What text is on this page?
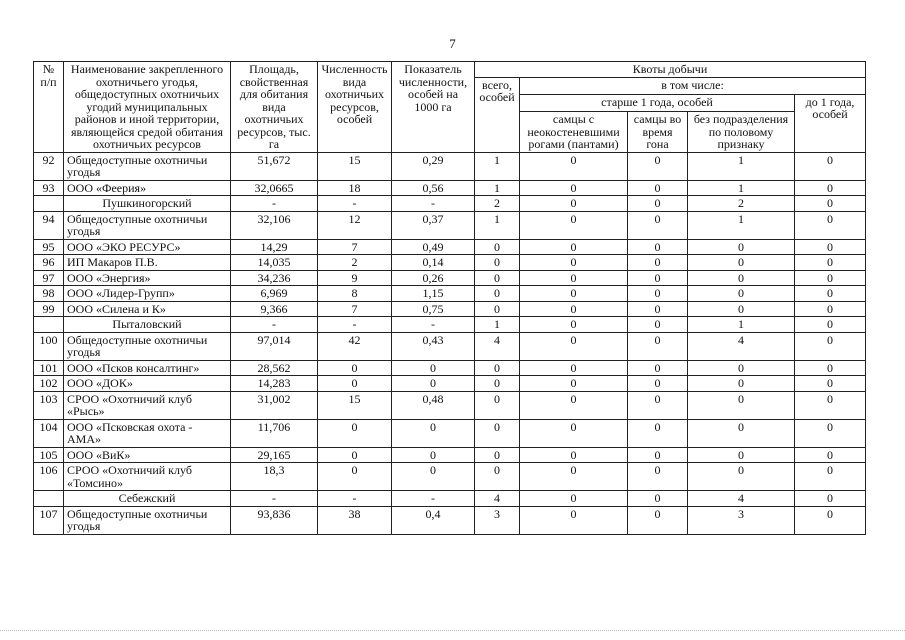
7
№ п/п	Наименование закрепленного охотничьего угодья, общедоступных охотничьих угодий муниципальных районов и иной территории, являющейся средой обитания охотничьих ресурсов	Площадь, свойственная для обитания вида охотничьих ресурсов, тыс. га	Численность вида охотничьих ресурсов, особей	Показатель численности, особей на 1000 га	Квоты добычи				
					всего, особей	в том числе:			
						старше 1 года, особей			до 1 года, особей
						самцы с неокостеневшими рогами (пантами)	самцы во время гона	без подразделения по половому признаку	
92	Общедоступные охотничьи угодья	51,672	15	0,29	1	0	0	1	0
93	ООО «Феерия»	32,0665	18	0,56	1	0	0	1	0
	Пушкиногорский	-	-	-	2	0	0	2	0
94	Общедоступные охотничьи угодья	32,106	12	0,37	1	0	0	1	0
95	ООО «ЭКО РЕСУРС»	14,29	7	0,49	0	0	0	0	0
96	ИП Макаров П.В.	14,035	2	0,14	0	0	0	0	0
97	ООО «Энергия»	34,236	9	0,26	0	0	0	0	0
98	ООО «Лидер-Групп»	6,969	8	1,15	0	0	0	0	0
99	ООО «Силена и К»	9,366	7	0,75	0	0	0	0	0
	Пыталовский	-	-	-	1	0	0	1	0
100	Общедоступные охотничьи угодья	97,014	42	0,43	4	0	0	4	0
101	ООО «Псков консалтинг»	28,562	0	0	0	0	0	0	0
102	ООО «ДОК»	14,283	0	0	0	0	0	0	0
103	СРОО «Охотничий клуб «Рысь»	31,002	15	0,48	0	0	0	0	0
104	ООО «Псковская охота - АМА»	11,706	0	0	0	0	0	0	0
105	ООО «ВиК»	29,165	0	0	0	0	0	0	0
106	СРОО «Охотничий клуб «Томсино»	18,3	0	0	0	0	0	0	0
	Себежский	-	-	-	4	0	0	4	0
107	Общедоступные охотничьи угодья	93,836	38	0,4	3	0	0	3	0
